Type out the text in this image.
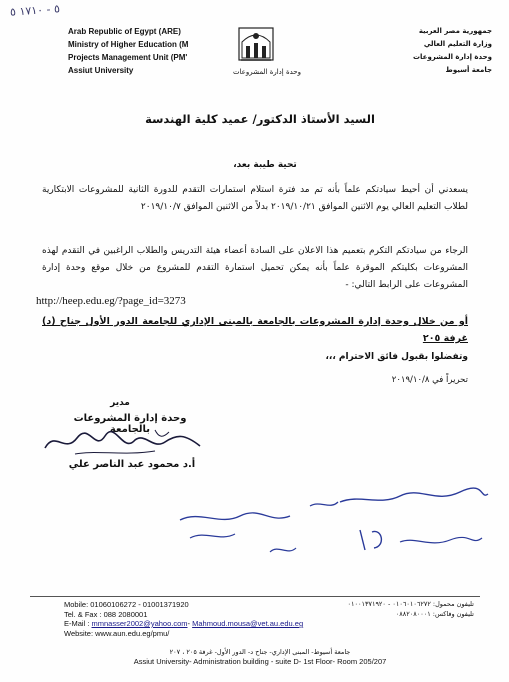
٥ - ١٧١٠ ٥
Arab Republic of Egypt (ARE)
Ministry of Higher Education (M
Projects Management Unit (PM'
Assiut University	وحدة إدارة المشروعات
جمهورية مصر العربية
وزارة التعليم العالي
وحدة إدارة المشروعات
جامعة أسيوط
السيد الأستاذ الدكتور/ عميد كلية الهندسة
تحية طيبة بعد،
يسعدني أن أحيط سيادتكم علماً بأنه تم مد فترة استلام استمارات التقدم للدورة الثانية للمشروعات الابتكارية لطلاب التعليم العالي يوم الاثنين الموافق ٢٠١٩/١٠/٢١ بدلاً من الاثنين الموافق ٢٠١٩/١٠/٧
الرجاء من سيادتكم التكرم بتعميم هذا الاعلان على السادة أعضاء هيئة التدريس والطلاب الراغبين في التقدم لهذه المشروعات بكليتكم الموقرة علماً بأنه يمكن تحميل استمارة التقدم للمشروع من خلال موقع وحدة إدارة المشروعات على الرابط التالي: -
http://heep.edu.eg/?page_id=3273
أو من خلال وحدة إدارة المشروعات بالجامعة بالمبنى الإداري للجامعة الدور الأول جناح (د) غرفة ٢٠٥
وتفضلوا بقبول فائق الاحترام ،،،
تحريراً في ٢٠١٩/١٠/٨
مدير
وحدة إدارة المشروعات بالجامعة
أ.د محمود عبد الناصر علي
Mobile: 01060106272 - 01001371920
Tel. & Fax : 088 2080001
E-Mail : mmnasser2002@yahoo.com- Mahmoud.mousa@vet.au.edu.eg
Website: www.aun.edu.eg/pmu/
تليفون محمول: ٠١٠٦٠١٠٦٢٧٢ - ٠١٠٠١٣٧١٩٢٠
تليفون وفاكس: ٠٨٨٢٠٨٠٠٠١
جامعة أسيوط- المبنى الإداري- جناح د- الدور الأول- غرفة ٢٠٥ ، ٢٠٧
Assiut University- Administration building - suite D- 1st Floor- Room 205/207
